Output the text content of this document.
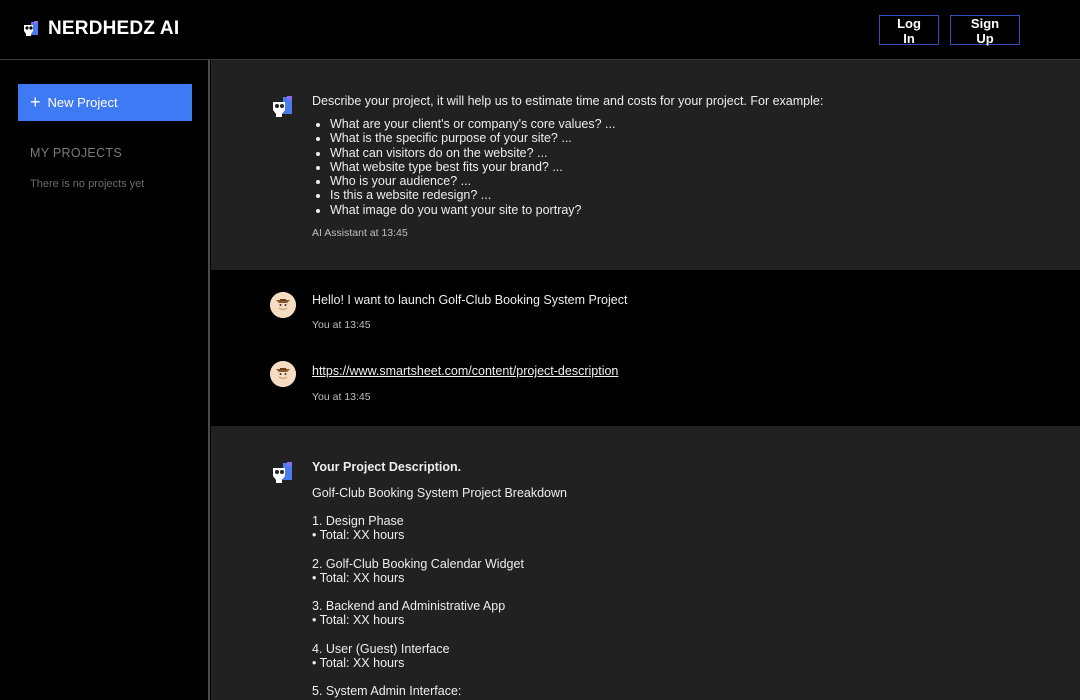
NERDHEDZ AI	Log In
Sign Up
+ New Project
MY PROJECTS
There is no projects yet
Describe your project, it will help us to estimate time and costs for your project. For example:
• What are your client's or company's core values? ...
• What is the specific purpose of your site? ...
• What can visitors do on the website? ...
• What website type best fits your brand? ...
• Who is your audience? ...
• Is this a website redesign? ...
• What image do you want your site to portray?
AI Assistant at 13:45
Hello! I want to launch Golf-Club Booking System Project
You at 13:45
https://www.smartsheet.com/content/project-description
You at 13:45
Your Project Description.
Golf-Club Booking System Project Breakdown
1. Design Phase
• Total: XX hours
2. Golf-Club Booking Calendar Widget
• Total: XX hours
3. Backend and Administrative App
• Total: XX hours
4. User (Guest) Interface
• Total: XX hours
5. System Admin Interface:
